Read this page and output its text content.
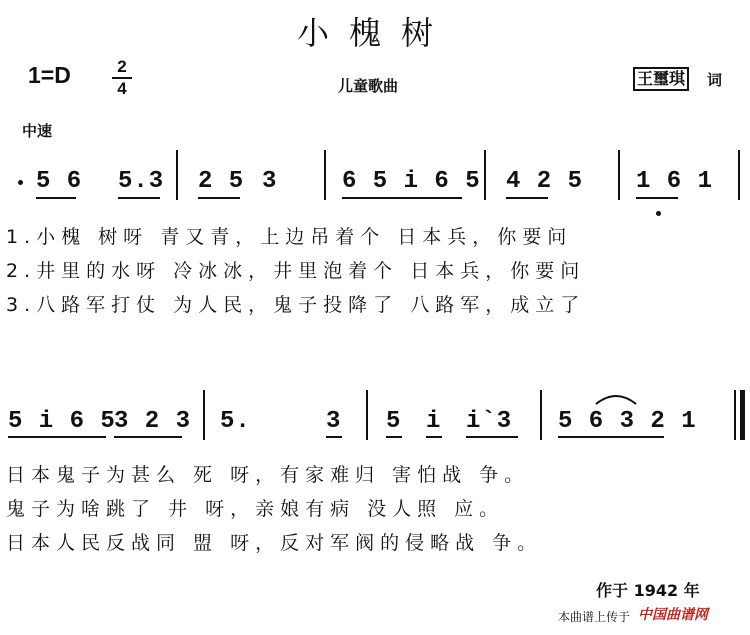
小槐树
1=D	2
4	儿童歌曲	王璽琪 词
中速
5 6 5.3 2 5 3	6 5 i 6 5 4 2 5 1 6 1
1.小槐 树呀 青又青，上边吊着个 日本兵，你要问
2.井里的水呀 冷冰冰，井里泡着个 日本兵，你要问
3.八路军打仗 为人民，鬼子投降了 八路军，成立了
5 i 6 5
3 2 3 5.	3 5 i i`3 5 6 3 2 1
日本鬼子为甚么 死 呀，有家难归 害怕战 争。
鬼子为啥跳了 井 呀，亲娘有病 没人照 应。
日本人民反战同 盟 呀，反对军阀的侵略战 争。
作于 1942 年
本曲谱上传于 中国曲谱网
